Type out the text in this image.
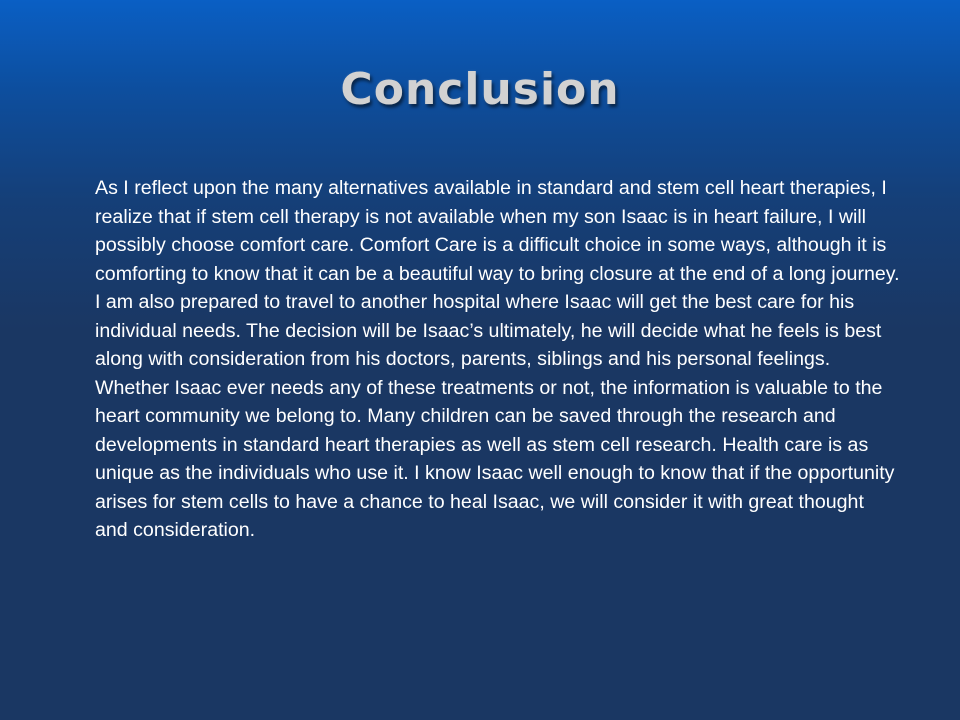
Conclusion

As I reflect upon the many alternatives available in standard and stem cell heart therapies, I realize that if stem cell therapy is not available when my son Isaac is in heart failure, I will possibly choose comfort care. Comfort Care is a difficult choice in some ways, although it is comforting to know that it can be a beautiful way to bring closure at the end of a long journey. I am also prepared to travel to another hospital where Isaac will get the best care for his individual needs. The decision will be Isaac’s ultimately, he will decide what he feels is best along with consideration from his doctors, parents, siblings and his personal feelings. Whether Isaac ever needs any of these treatments or not, the information is valuable to the heart community we belong to. Many children can be saved through the research and developments in standard heart therapies as well as stem cell research. Health care is as unique as the individuals who use it. I know Isaac well enough to know that if the opportunity arises for stem cells to have a chance to heal Isaac, we will consider it with great thought and consideration.
